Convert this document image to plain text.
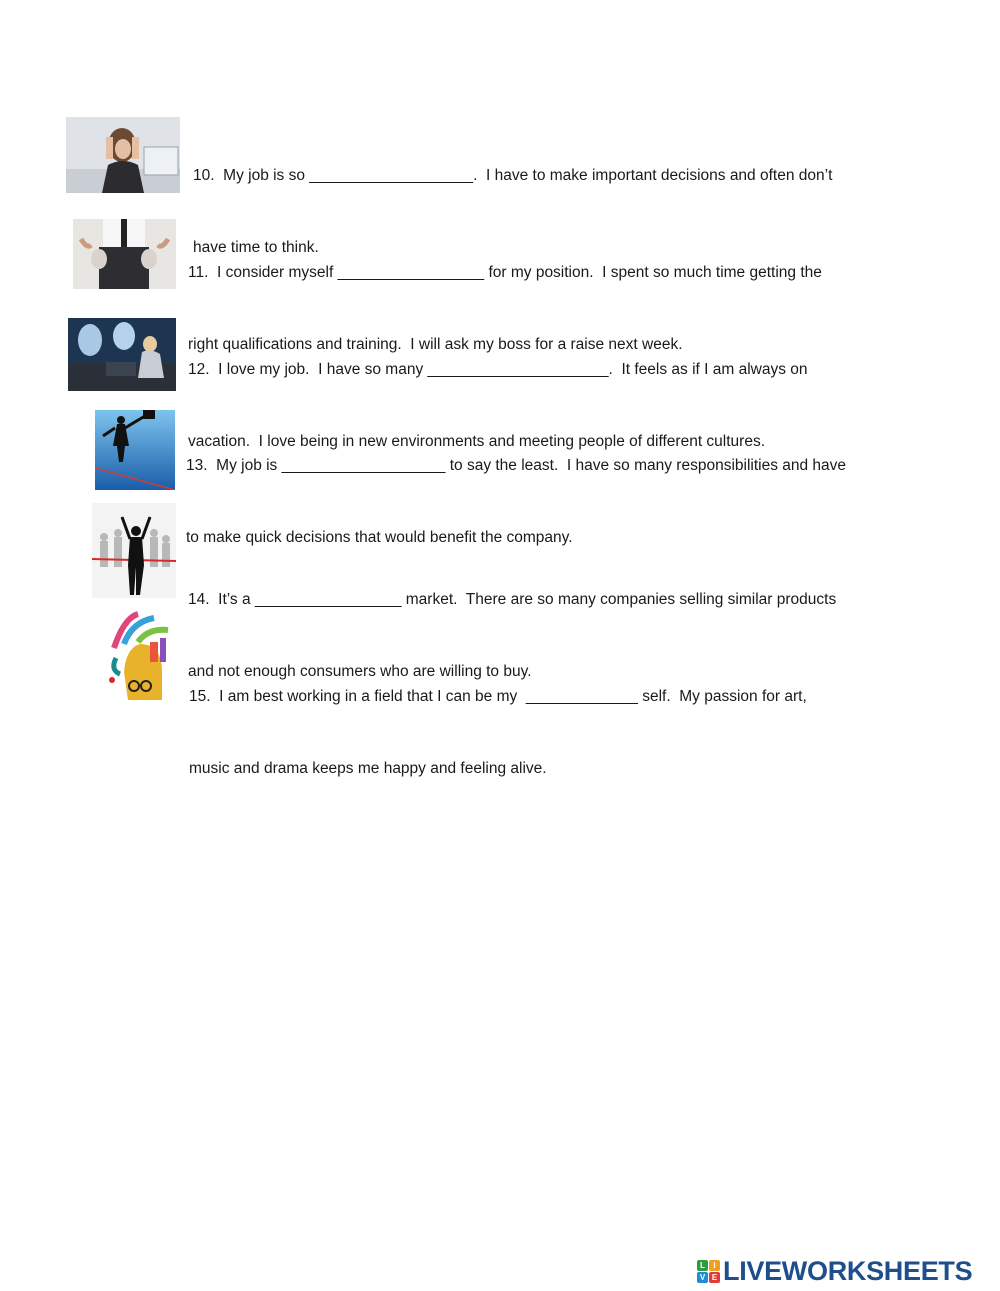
10.  My job is so ___________________.  I have to make important decisions and often don’t

have time to think.

11.  I consider myself _________________ for my position.  I spent so much time getting the

right qualifications and training.  I will ask my boss for a raise next week.

12.  I love my job.  I have so many _____________________.  It feels as if I am always on

vacation.  I love being in new environments and meeting people of different cultures.

13.  My job is ___________________ to say the least.  I have so many responsibilities and have

to make quick decisions that would benefit the company.

14.  It’s a _________________ market.  There are so many companies selling similar products

and not enough consumers who are willing to buy.

15.  I am best working in a field that I can be my  _____________ self.  My passion for art,

music and drama keeps me happy and feeling alive.

L	I
V E LIVEWORKSHEETS
